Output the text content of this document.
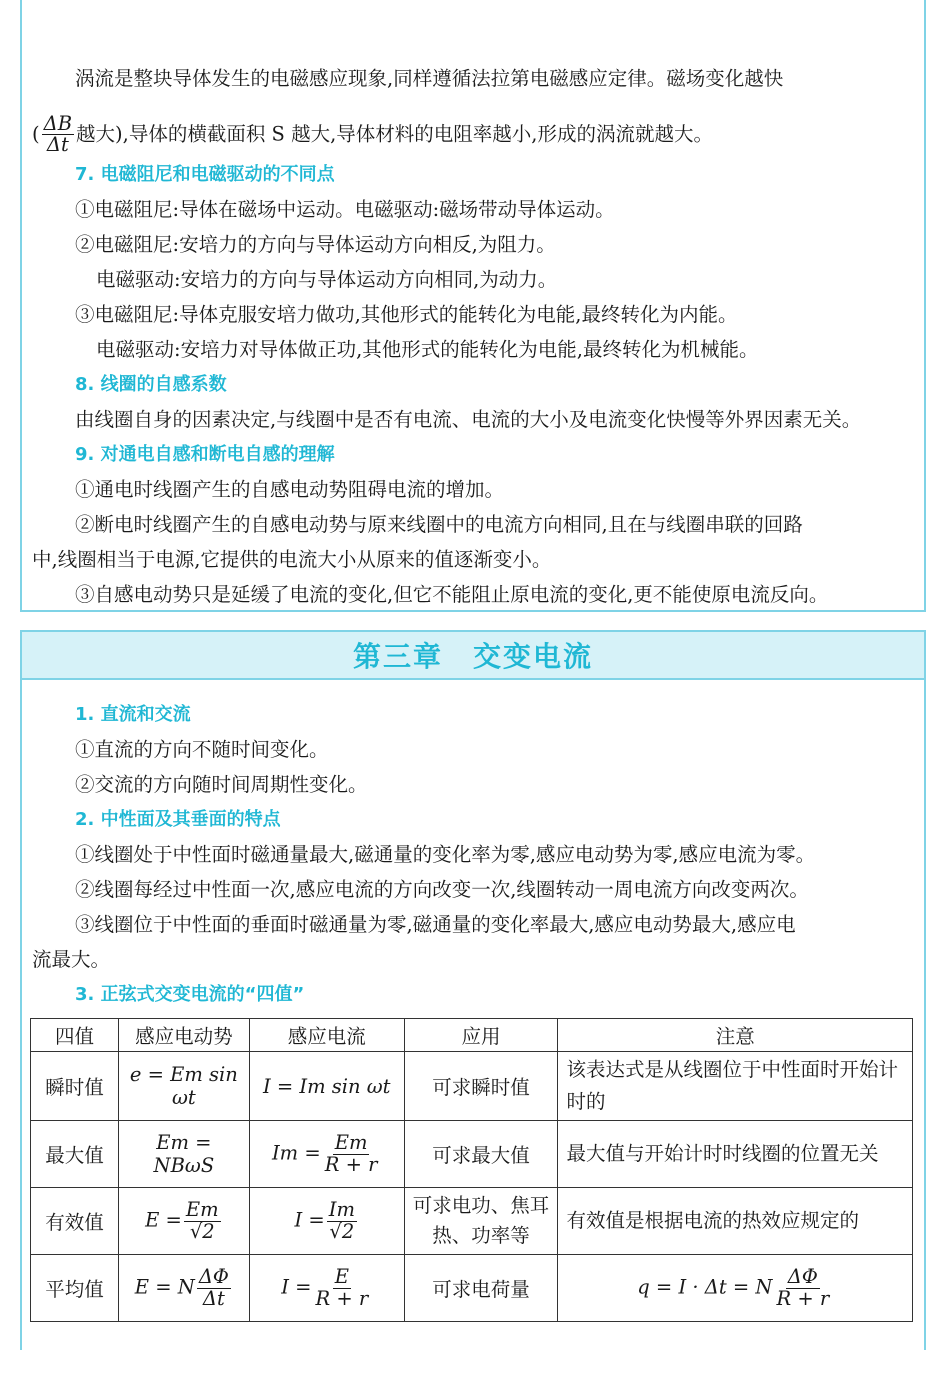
涡流是整块导体发生的电磁感应现象,同样遵循法拉第电磁感应定律。磁场变化越快
( $\frac{\Delta B}{\Delta t}$ 越大),导体的横截面积 S 越大,导体材料的电阻率越小,形成的涡流就越大。
7. 电磁阻尼和电磁驱动的不同点
①电磁阻尼:导体在磁场中运动。电磁驱动:磁场带动导体运动。
②电磁阻尼:安培力的方向与导体运动方向相反,为阻力。
电磁驱动:安培力的方向与导体运动方向相同,为动力。
③电磁阻尼:导体克服安培力做功,其他形式的能转化为电能,最终转化为内能。
电磁驱动:安培力对导体做正功,其他形式的能转化为电能,最终转化为机械能。
8. 线圈的自感系数
由线圈自身的因素决定,与线圈中是否有电流、电流的大小及电流变化快慢等外界因素无关。
9. 对通电自感和断电自感的理解
①通电时线圈产生的自感电动势阻碍电流的增加。
②断电时线圈产生的自感电动势与原来线圈中的电流方向相同,且在与线圈串联的回路
中,线圈相当于电源,它提供的电流大小从原来的值逐渐变小。
③自感电动势只是延缓了电流的变化,但它不能阻止原电流的变化,更不能使原电流反向。
第三章　交变电流
1. 直流和交流
①直流的方向不随时间变化。
②交流的方向随时间周期性变化。
2. 中性面及其垂面的特点
①线圈处于中性面时磁通量最大,磁通量的变化率为零,感应电动势为零,感应电流为零。
②线圈每经过中性面一次,感应电流的方向改变一次,线圈转动一周电流方向改变两次。
③线圈位于中性面的垂面时磁通量为零,磁通量的变化率最大,感应电动势最大,感应电
流最大。
3. 正弦式交变电流的“四值”
四值	感应电动势	感应电流	应用	注意
瞬时值	e = Em sin ωt	I = Im sin ωt	可求瞬时值	该表达式是从线圈位于中性面时开始计时的
最大值	Em = NBωS	$Im = \frac{Em}{R + r}$	可求最大值	最大值与开始计时时线圈的位置无关
有效值	$E = \frac{Em}{√2}$	$I = \frac{Im}{√2}$	可求电功、焦耳热、功率等	有效值是根据电流的热效应规定的
平均值	E = N $\frac{\Delta\Phi}{\Delta t}$	$I = \frac{E}{R + r}$	可求电荷量	q = I · Δt = N $\frac{\Delta\Phi}{R + r}$
